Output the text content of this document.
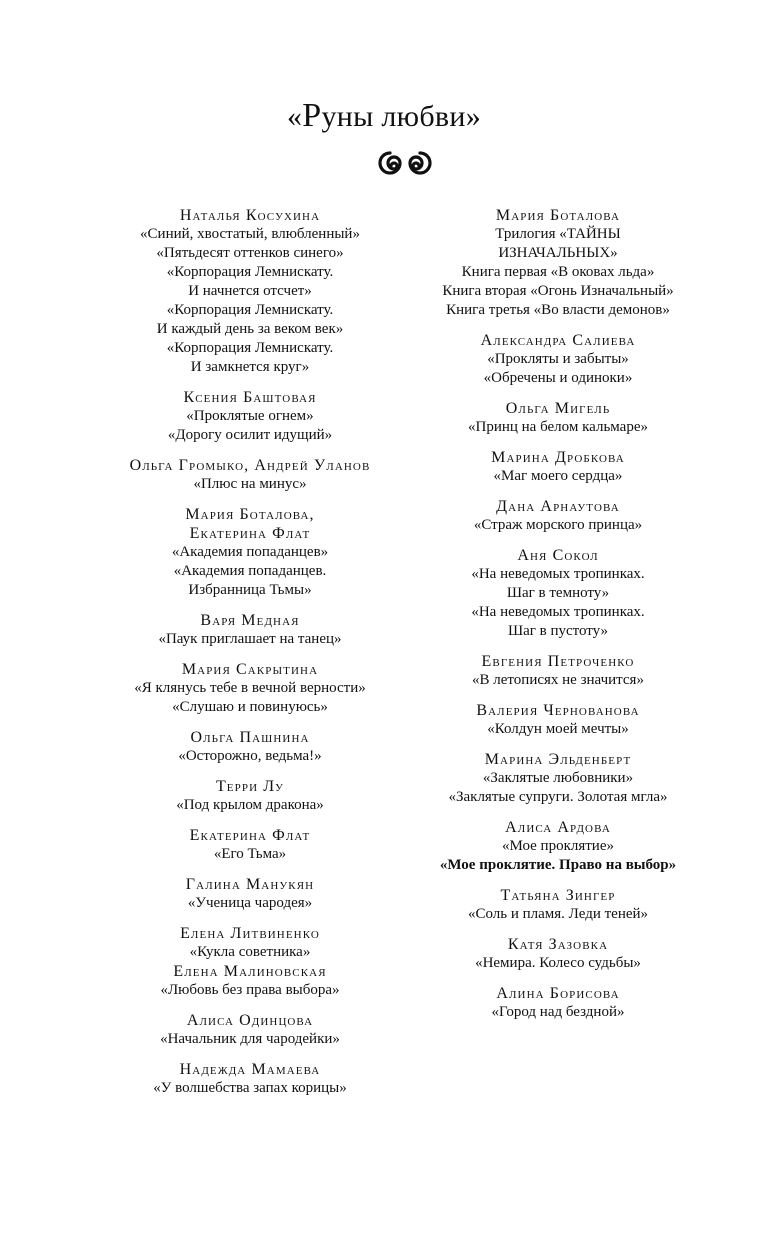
«Руны любви»
Наталья Косухина
«Синий, хвостатый, влюбленный»
«Пятьдесят оттенков синего»
«Корпорация Лемнискату.
И начнется отсчет»
«Корпорация Лемнискату.
И каждый день за веком век»
«Корпорация Лемнискату.
И замкнется круг»
Ксения Баштовая
«Проклятые огнем»
«Дорогу осилит идущий»
Ольга Громыко, Андрей Уланов
«Плюс на минус»
Мария Боталова,
Екатерина Флат
«Академия попаданцев»
«Академия попаданцев.
Избранница Тьмы»
Варя Медная
«Паук приглашает на танец»
Мария Сакрытина
«Я клянусь тебе в вечной верности»
«Слушаю и повинуюсь»
Ольга Пашнина
«Осторожно, ведьма!»
Терри Лу
«Под крылом дракона»
Екатерина Флат
«Его Тьма»
Галина Манукян
«Ученица чародея»
Елена Литвиненко
«Кукла советника»
Елена Малиновская
«Любовь без права выбора»
Алиса Одинцова
«Начальник для чародейки»
Надежда Мамаева
«У волшебства запах корицы»
Мария Боталова
Трилогия «ТАЙНЫ
ИЗНАЧАЛЬНЫХ»
Книга первая «В оковах льда»
Книга вторая «Огонь Изначальный»
Книга третья «Во власти демонов»
Александра Салиева
«Прокляты и забыты»
«Обречены и одиноки»
Ольга Мигель
«Принц на белом кальмаре»
Марина Дробкова
«Маг моего сердца»
Дана Арнаутова
«Страж морского принца»
Аня Сокол
«На неведомых тропинках.
Шаг в темноту»
«На неведомых тропинках.
Шаг в пустоту»
Евгения Петроченко
«В летописях не значится»
Валерия Чернованова
«Колдун моей мечты»
Марина Эльденберт
«Заклятые любовники»
«Заклятые супруги. Золотая мгла»
Алиса Ардова
«Мое проклятие»
«Мое проклятие. Право на выбор»
Татьяна Зингер
«Соль и пламя. Леди теней»
Катя Зазовка
«Немира. Колесо судьбы»
Алина Борисова
«Город над бездной»
